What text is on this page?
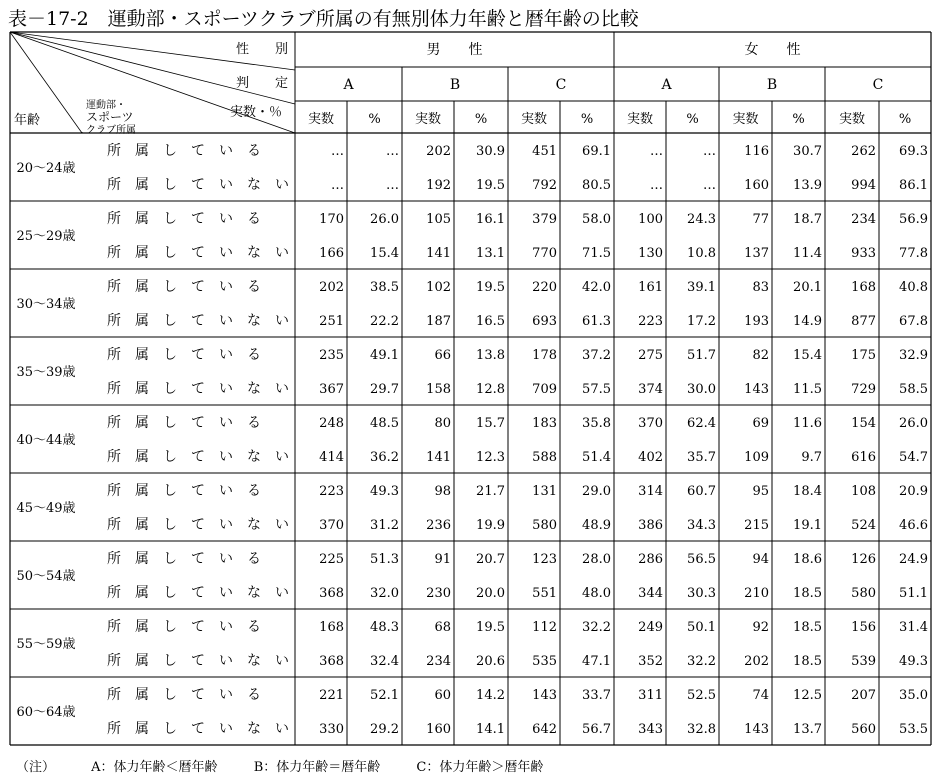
表－17-2　運動部・スポーツクラブ所属の有無別体力年齢と暦年齢の比較
性　　別
判　　定
実数・％
年齢
運動部・
スポーツ
クラブ所属
男　　性	女　　性
A	B	C	A	B	C
実数	%	実数	%	実数	%	実数	%	実数	%	実数	%
20～24歳
所　属　し　て　い　る	…	… 202 30.9 451 69.1	…	… 116 30.7 262 69.3
所　属　し　て　い　な　い	…	… 192 19.5 792 80.5	…	… 160 13.9 994 86.1
25～29歳
所　属　し　て　い　る	170 26.0 105 16.1 379 58.0 100 24.3	77 18.7 234 56.9
所　属　し　て　い　な　い 166 15.4 141 13.1 770 71.5 130 10.8 137 11.4 933 77.8
30～34歳
所　属　し　て　い　る	202 38.5 102 19.5 220 42.0 161 39.1	83 20.1 168 40.8
所　属　し　て　い　な　い 251 22.2 187 16.5 693 61.3 223 17.2 193 14.9 877 67.8
35～39歳
所　属　し　て　い　る	235 49.1	66 13.8 178 37.2 275 51.7	82 15.4 175 32.9
所　属　し　て　い　な　い 367 29.7 158 12.8 709 57.5 374 30.0 143 11.5 729 58.5
40～44歳
所　属　し　て　い　る	248 48.5	80 15.7 183 35.8 370 62.4	69 11.6 154 26.0
所　属　し　て　い　な　い 414 36.2 141 12.3 588 51.4 402 35.7 109 9.7 616 54.7
45～49歳
所　属　し　て　い　る	223 49.3	98 21.7 131 29.0 314 60.7	95 18.4 108 20.9
所　属　し　て　い　な　い 370 31.2 236 19.9 580 48.9 386 34.3 215 19.1 524 46.6
50～54歳
所　属　し　て　い　る	225 51.3	91 20.7 123 28.0 286 56.5	94 18.6 126 24.9
所　属　し　て　い　な　い 368 32.0 230 20.0 551 48.0 344 30.3 210 18.5 580 51.1
55～59歳
所　属　し　て　い　る	168 48.3	68 19.5 112 32.2 249 50.1	92 18.5 156 31.4
所　属　し　て　い　な　い 368 32.4 234 20.6 535 47.1 352 32.2 202 18.5 539 49.3
60～64歳
所　属　し　て　い　る	221 52.1	60 14.2 143 33.7 311 52.5	74 12.5 207 35.0
所　属　し　て　い　な　い 330 29.2 160 14.1 642 56.7 343 32.8 143 13.7 560 53.5
（注）	A：体力年齢＜暦年齢	B：体力年齢＝暦年齢	C：体力年齢＞暦年齢
